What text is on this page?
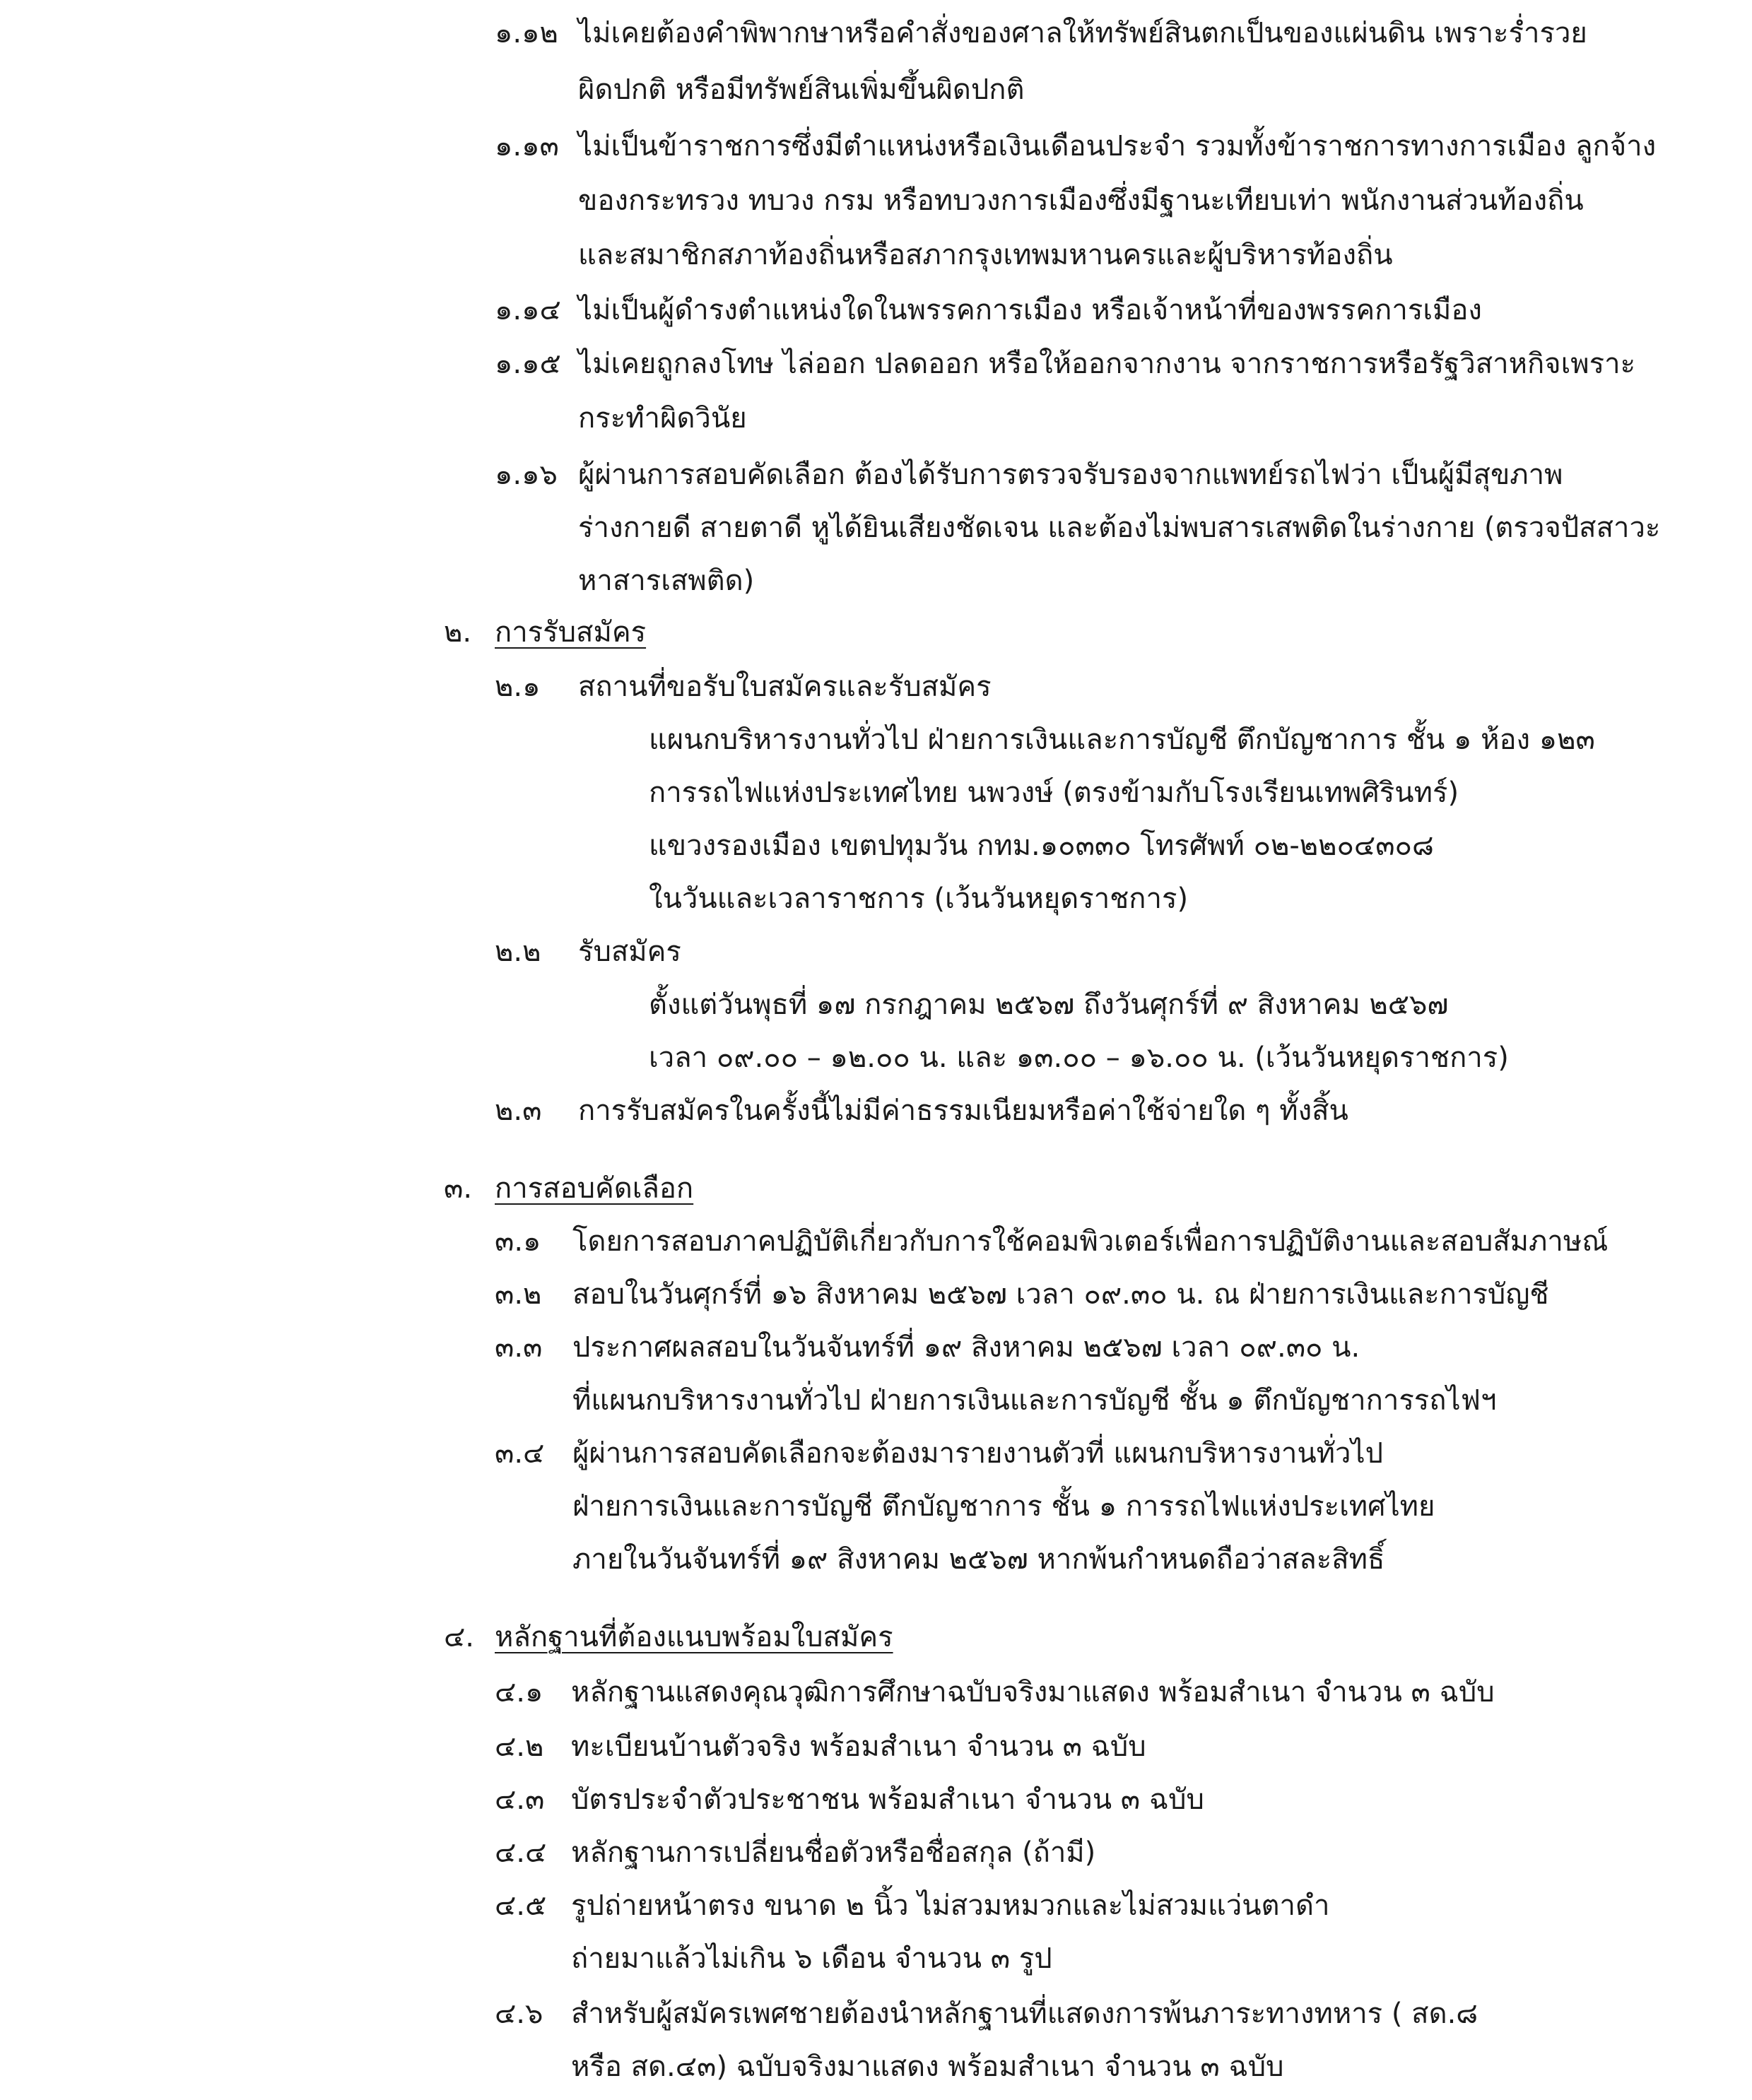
๑.๑๒ ไม่เคยต้องคำพิพากษาหรือคำสั่งของศาลให้ทรัพย์สินตกเป็นของแผ่นดิน เพราะร่ำรวย
ผิดปกติ หรือมีทรัพย์สินเพิ่มขึ้นผิดปกติ
๑.๑๓ ไม่เป็นข้าราชการซึ่งมีตำแหน่งหรือเงินเดือนประจำ รวมทั้งข้าราชการทางการเมือง ลูกจ้าง
ของกระทรวง ทบวง กรม หรือทบวงการเมืองซึ่งมีฐานะเทียบเท่า พนักงานส่วนท้องถิ่น
และสมาชิกสภาท้องถิ่นหรือสภากรุงเทพมหานครและผู้บริหารท้องถิ่น
๑.๑๔ ไม่เป็นผู้ดำรงตำแหน่งใดในพรรคการเมือง หรือเจ้าหน้าที่ของพรรคการเมือง
๑.๑๕ ไม่เคยถูกลงโทษ ไล่ออก ปลดออก หรือให้ออกจากงาน จากราชการหรือรัฐวิสาหกิจเพราะ
กระทำผิดวินัย
๑.๑๖ ผู้ผ่านการสอบคัดเลือก ต้องได้รับการตรวจรับรองจากแพทย์รถไฟว่า เป็นผู้มีสุขภาพ
ร่างกายดี สายตาดี หูได้ยินเสียงชัดเจน และต้องไม่พบสารเสพติดในร่างกาย (ตรวจปัสสาวะ
หาสารเสพติด)
๒. การรับสมัคร
๒.๑ สถานที่ขอรับใบสมัครและรับสมัคร
แผนกบริหารงานทั่วไป ฝ่ายการเงินและการบัญชี ตึกบัญชาการ ชั้น ๑ ห้อง ๑๒๓
การรถไฟแห่งประเทศไทย นพวงษ์ (ตรงข้ามกับโรงเรียนเทพศิรินทร์)
แขวงรองเมือง เขตปทุมวัน กทม.๑๐๓๓๐ โทรศัพท์ ๐๒-๒๒๐๔๓๐๘
ในวันและเวลาราชการ (เว้นวันหยุดราชการ)
๒.๒ รับสมัคร
ตั้งแต่วันพุธที่ ๑๗ กรกฎาคม ๒๕๖๗ ถึงวันศุกร์ที่ ๙ สิงหาคม ๒๕๖๗
เวลา ๐๙.๐๐ – ๑๒.๐๐ น. และ ๑๓.๐๐ – ๑๖.๐๐ น. (เว้นวันหยุดราชการ)
๒.๓ การรับสมัครในครั้งนี้ไม่มีค่าธรรมเนียมหรือค่าใช้จ่ายใด ๆ ทั้งสิ้น
๓. การสอบคัดเลือก
๓.๑ โดยการสอบภาคปฏิบัติเกี่ยวกับการใช้คอมพิวเตอร์เพื่อการปฏิบัติงานและสอบสัมภาษณ์
๓.๒ สอบในวันศุกร์ที่ ๑๖ สิงหาคม ๒๕๖๗ เวลา ๐๙.๓๐ น. ณ ฝ่ายการเงินและการบัญชี
๓.๓ ประกาศผลสอบในวันจันทร์ที่ ๑๙ สิงหาคม ๒๕๖๗ เวลา ๐๙.๓๐ น.
ที่แผนกบริหารงานทั่วไป ฝ่ายการเงินและการบัญชี ชั้น ๑ ตึกบัญชาการรถไฟฯ
๓.๔ ผู้ผ่านการสอบคัดเลือกจะต้องมารายงานตัวที่ แผนกบริหารงานทั่วไป
ฝ่ายการเงินและการบัญชี ตึกบัญชาการ ชั้น ๑ การรถไฟแห่งประเทศไทย
ภายในวันจันทร์ที่ ๑๙ สิงหาคม ๒๕๖๗ หากพ้นกำหนดถือว่าสละสิทธิ์
๔. หลักฐานที่ต้องแนบพร้อมใบสมัคร
๔.๑ หลักฐานแสดงคุณวุฒิการศึกษาฉบับจริงมาแสดง พร้อมสำเนา จำนวน ๓ ฉบับ
๔.๒ ทะเบียนบ้านตัวจริง พร้อมสำเนา จำนวน ๓ ฉบับ
๔.๓ บัตรประจำตัวประชาชน พร้อมสำเนา จำนวน ๓ ฉบับ
๔.๔ หลักฐานการเปลี่ยนชื่อตัวหรือชื่อสกุล (ถ้ามี)
๔.๕ รูปถ่ายหน้าตรง ขนาด ๒ นิ้ว ไม่สวมหมวกและไม่สวมแว่นตาดำ
ถ่ายมาแล้วไม่เกิน ๖ เดือน จำนวน ๓ รูป
๔.๖ สำหรับผู้สมัครเพศชายต้องนำหลักฐานที่แสดงการพ้นภาระทางทหาร ( สด.๘
หรือ สด.๔๓) ฉบับจริงมาแสดง พร้อมสำเนา จำนวน ๓ ฉบับ
